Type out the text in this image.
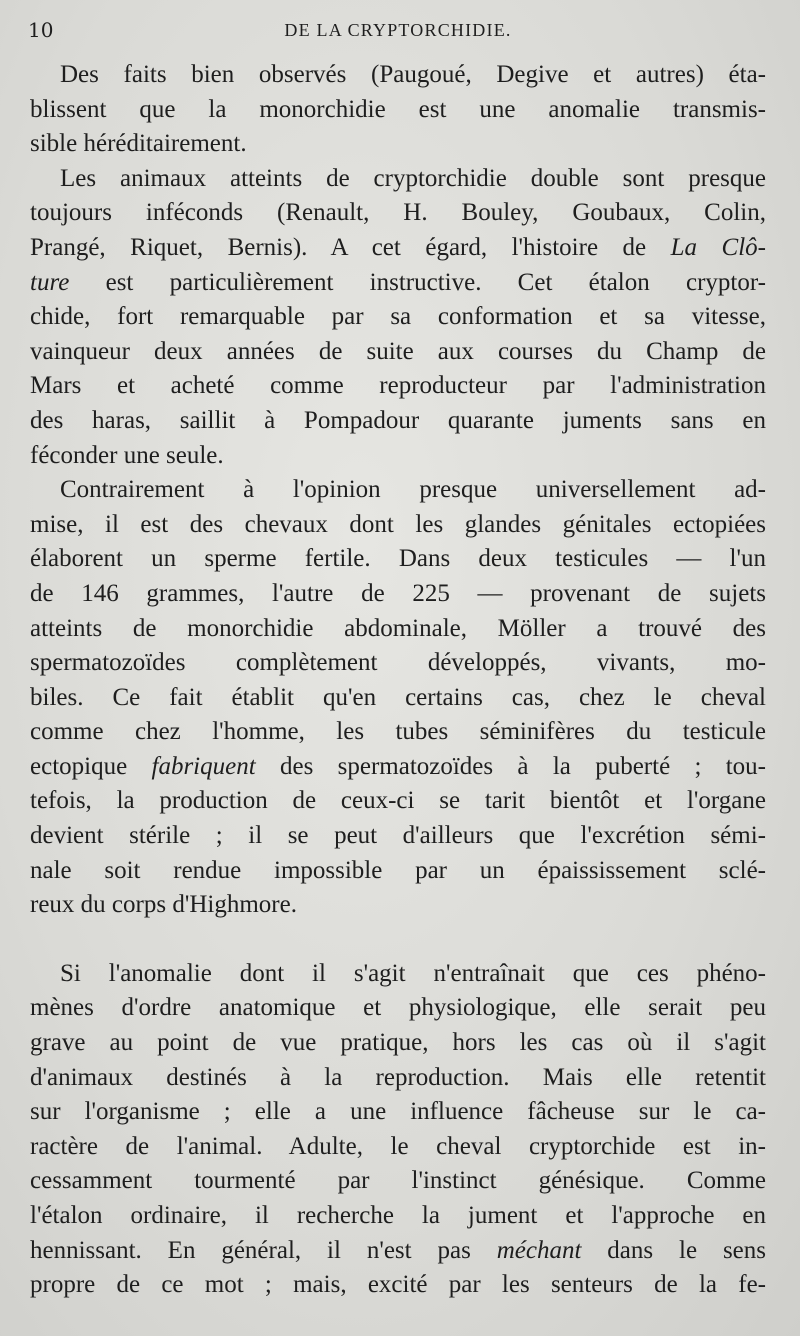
10	DE LA CRYPTORCHIDIE.
Des faits bien observés (Paugoué, Degive et autres) éta-
blissent que la monorchidie est une anomalie transmis-
sible héréditairement.
Les animaux atteints de cryptorchidie double sont presque
toujours inféconds (Renault, H. Bouley, Goubaux, Colin,
Prangé, Riquet, Bernis). A cet égard, l'histoire de La Clô-
ture est particulièrement instructive. Cet étalon cryptor-
chide, fort remarquable par sa conformation et sa vitesse,
vainqueur deux années de suite aux courses du Champ de
Mars et acheté comme reproducteur par l'administration
des haras, saillit à Pompadour quarante juments sans en
féconder une seule.
Contrairement à l'opinion presque universellement ad-
mise, il est des chevaux dont les glandes génitales ectopiées
élaborent un sperme fertile. Dans deux testicules — l'un
de 146 grammes, l'autre de 225 — provenant de sujets
atteints de monorchidie abdominale, Möller a trouvé des
spermatozoïdes complètement développés, vivants, mo-
biles. Ce fait établit qu'en certains cas, chez le cheval
comme chez l'homme, les tubes séminifères du testicule
ectopique fabriquent des spermatozoïdes à la puberté ; tou-
tefois, la production de ceux-ci se tarit bientôt et l'organe
devient stérile ; il se peut d'ailleurs que l'excrétion sémi-
nale soit rendue impossible par un épaississement sclé-
reux du corps d'Highmore.
Si l'anomalie dont il s'agit n'entraînait que ces phéno-
mènes d'ordre anatomique et physiologique, elle serait peu
grave au point de vue pratique, hors les cas où il s'agit
d'animaux destinés à la reproduction. Mais elle retentit
sur l'organisme ; elle a une influence fâcheuse sur le ca-
ractère de l'animal. Adulte, le cheval cryptorchide est in-
cessamment tourmenté par l'instinct génésique. Comme
l'étalon ordinaire, il recherche la jument et l'approche en
hennissant. En général, il n'est pas méchant dans le sens
propre de ce mot ; mais, excité par les senteurs de la fe-
